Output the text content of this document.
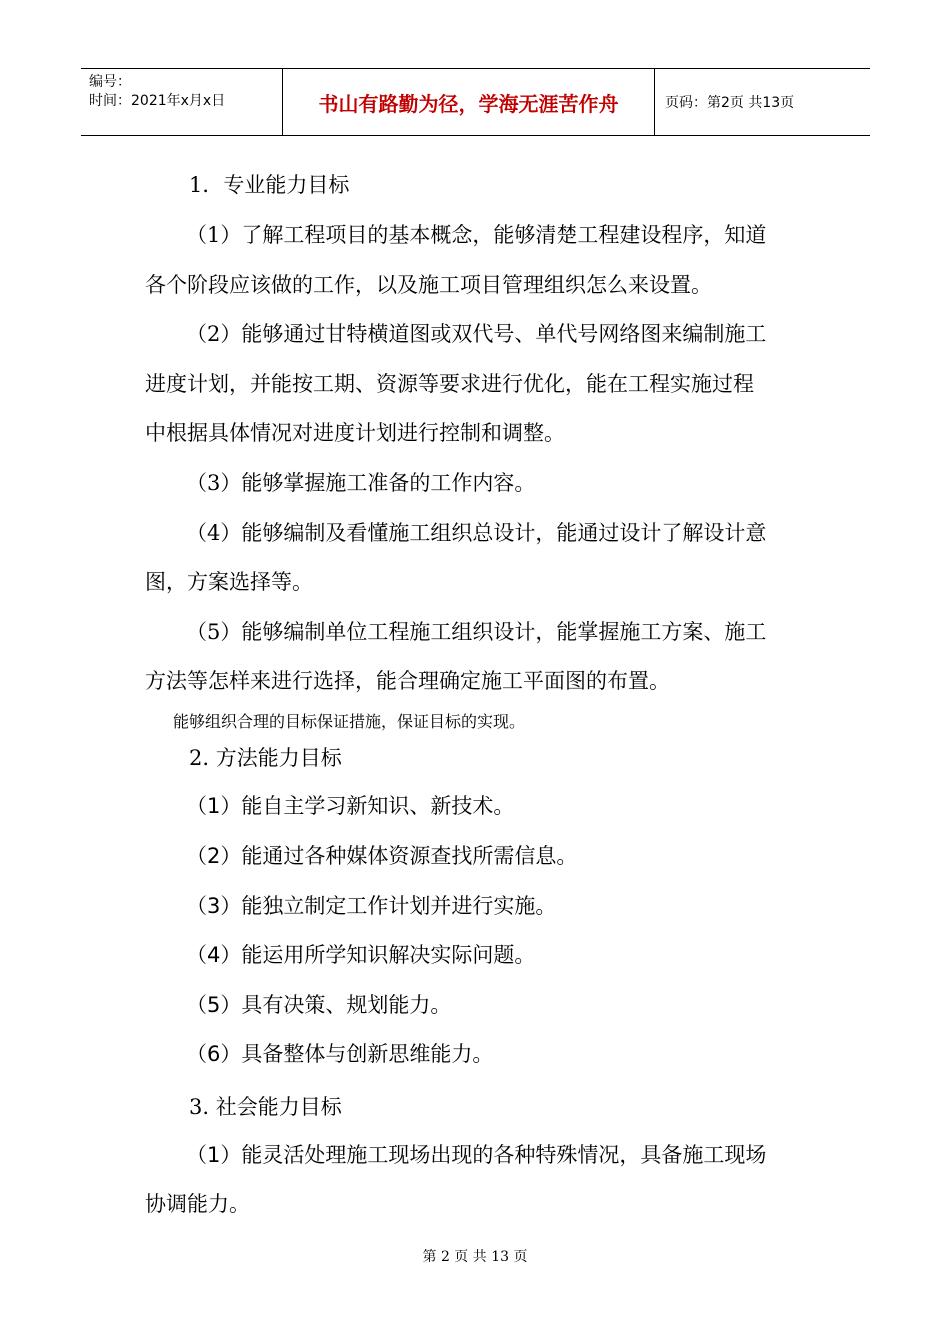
编号：
时间：2021年x月x日	书山有路勤为径，学海无涯苦作舟	页码：第2页 共13页
1．专业能力目标
（1）了解工程项目的基本概念，能够清楚工程建设程序，知道
各个阶段应该做的工作，以及施工项目管理组织怎么来设置。
（2）能够通过甘特横道图或双代号、单代号网络图来编制施工
进度计划，并能按工期、资源等要求进行优化，能在工程实施过程
中根据具体情况对进度计划进行控制和调整。
（3）能够掌握施工准备的工作内容。
（4）能够编制及看懂施工组织总设计，能通过设计了解设计意
图，方案选择等。
（5）能够编制单位工程施工组织设计，能掌握施工方案、施工
方法等怎样来进行选择，能合理确定施工平面图的布置。
能够组织合理的目标保证措施，保证目标的实现。
2. 方法能力目标
（1）能自主学习新知识、新技术。
（2）能通过各种媒体资源查找所需信息。
（3）能独立制定工作计划并进行实施。
（4）能运用所学知识解决实际问题。
（5）具有决策、规划能力。
（6）具备整体与创新思维能力。
3. 社会能力目标
（1）能灵活处理施工现场出现的各种特殊情况，具备施工现场
协调能力。
第 2 页 共 13 页
